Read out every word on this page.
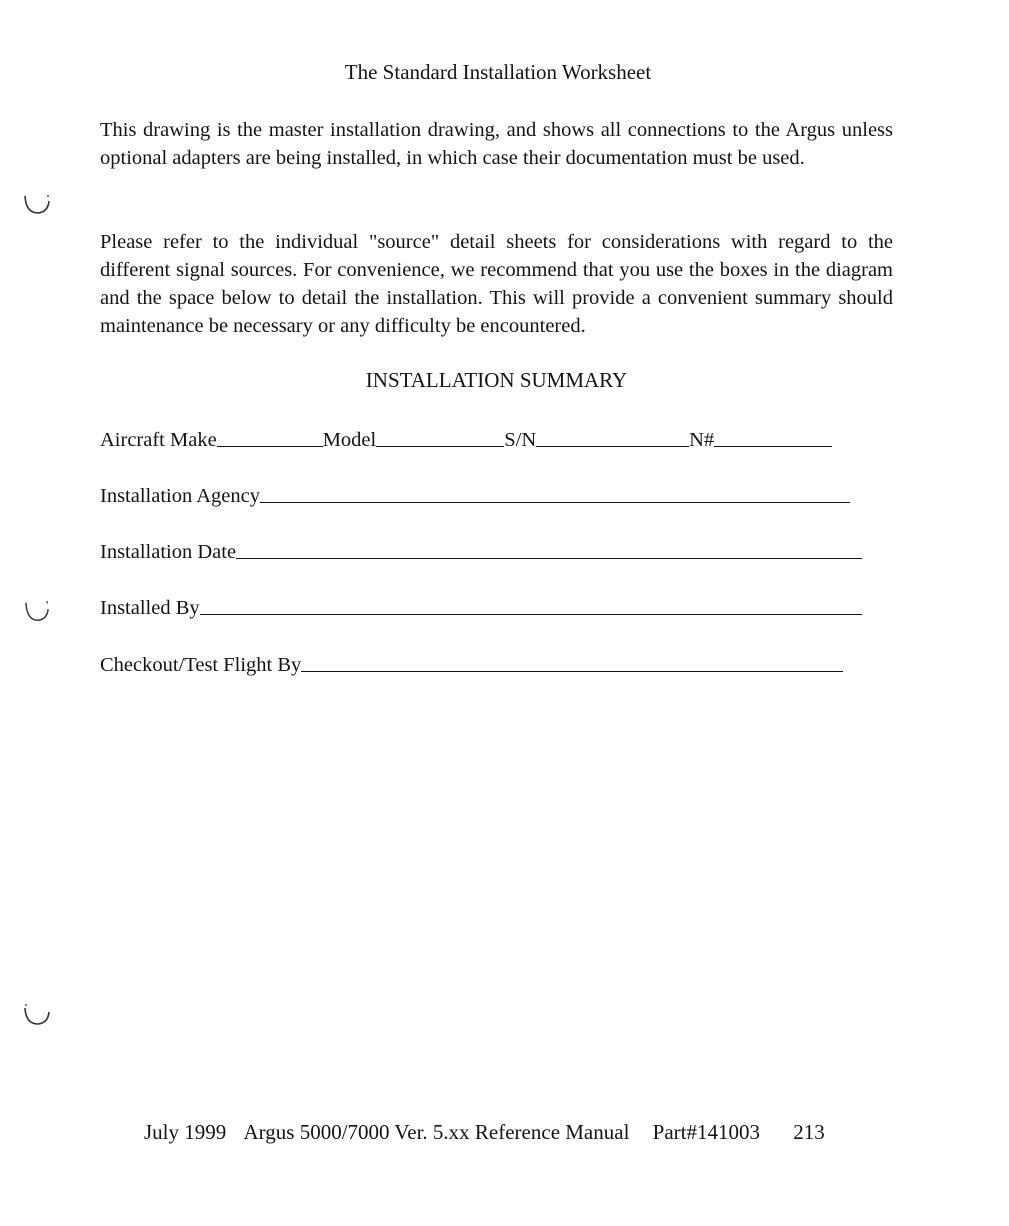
The Standard Installation Worksheet

This drawing is the master installation drawing, and shows all connections to the Argus unless optional adapters are being installed, in which case their documentation must be used.

Please refer to the individual "source" detail sheets for considerations with regard to the different signal sources. For convenience, we recommend that you use the boxes in the diagram and the space below to detail the installation. This will provide a convenient summary should maintenance be necessary or any difficulty be encountered.

INSTALLATION SUMMARY
Aircraft Make	Model	S/N	N#
Installation Agency
Installation Date
Installed By
Checkout/Test Flight By
July 1999 Argus 5000/7000 Ver. 5.xx Reference Manual Part#141003 213
